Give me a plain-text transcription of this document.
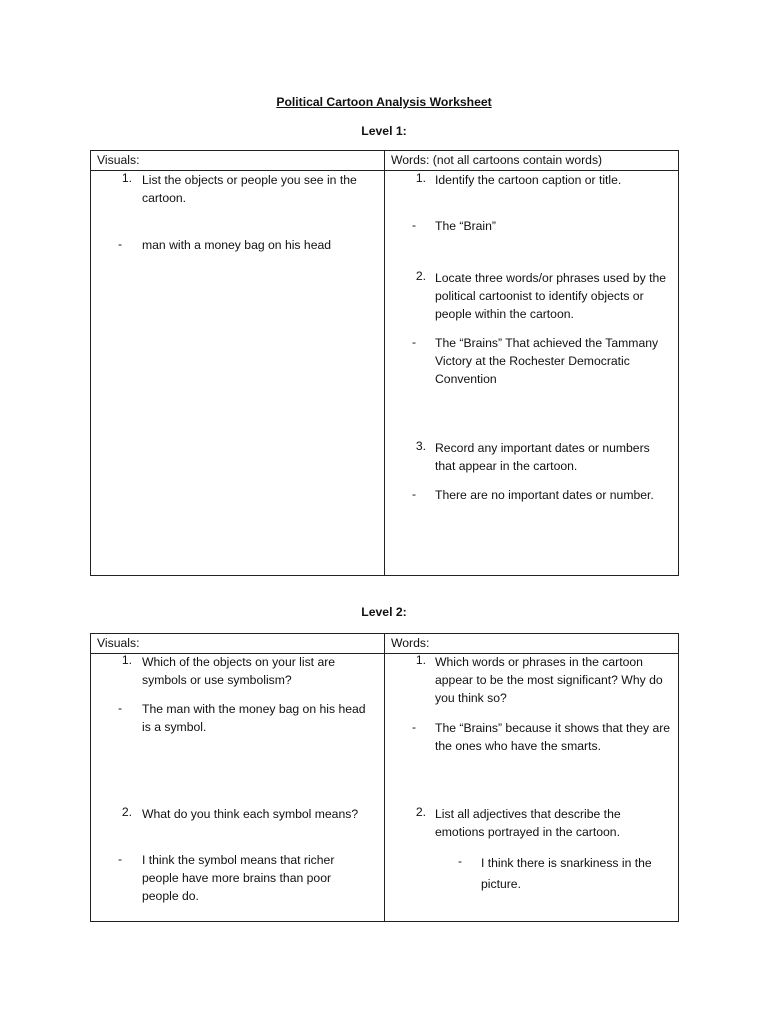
Political Cartoon Analysis Worksheet
Level 1:
Visuals:	Words: (not all cartoons contain words)
1. List the objects or people you see in the cartoon.
- man with a money bag on his head
1. Identify the cartoon caption or title.
- The “Brain”
2. Locate three words/or phrases used by the political cartoonist to identify objects or people within the cartoon.
- The “Brains” That achieved the Tammany Victory at the Rochester Democratic Convention
3. Record any important dates or numbers that appear in the cartoon.
- There are no important dates or number.
Level 2:
Visuals:	Words:
1. Which of the objects on your list are symbols or use symbolism?
- The man with the money bag on his head is a symbol.
2. What do you think each symbol means?
- I think the symbol means that richer people have more brains than poor people do.
1. Which words or phrases in the cartoon appear to be the most significant? Why do you think so?
- The “Brains” because it shows that they are the ones who have the smarts.
2. List all adjectives that describe the emotions portrayed in the cartoon.
- I think there is snarkiness in the picture.
